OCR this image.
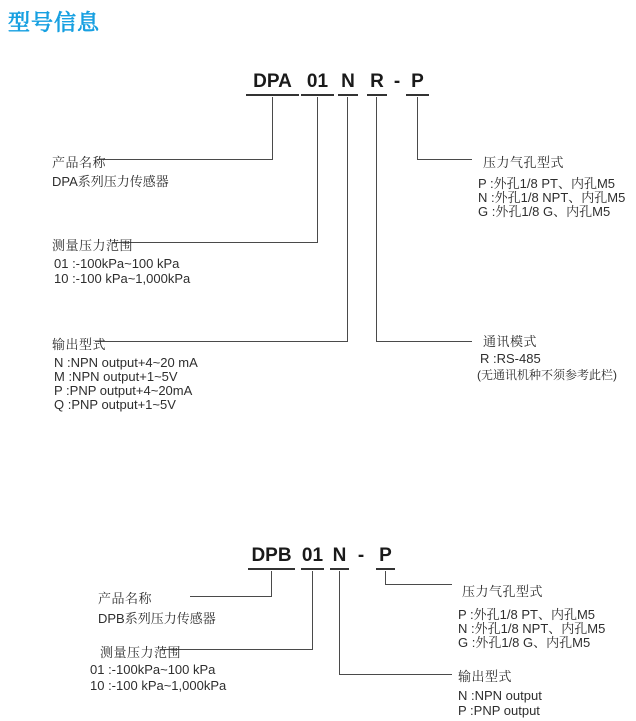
型号信息
DPA 01 N R - P
产品名称
DPA系列压力传感器
测量压力范围
01 :-100kPa~100 kPa
10 :-100 kPa~1,000kPa
输出型式
N :NPN output+4~20 mA
M :NPN output+1~5V
P :PNP output+4~20mA
Q :PNP output+1~5V
压力气孔型式
P :外孔1/8 PT、内孔M5
N :外孔1/8 NPT、内孔M5
G :外孔1/8 G、内孔M5
通讯模式
R :RS-485
(无通讯机种不须参考此栏)
DPB 01 N - P
产品名称
DPB系列压力传感器
测量压力范围
01 :-100kPa~100 kPa
10 :-100 kPa~1,000kPa
压力气孔型式
P :外孔1/8 PT、内孔M5
N :外孔1/8 NPT、内孔M5
G :外孔1/8 G、内孔M5
输出型式
N :NPN output
P :PNP output
